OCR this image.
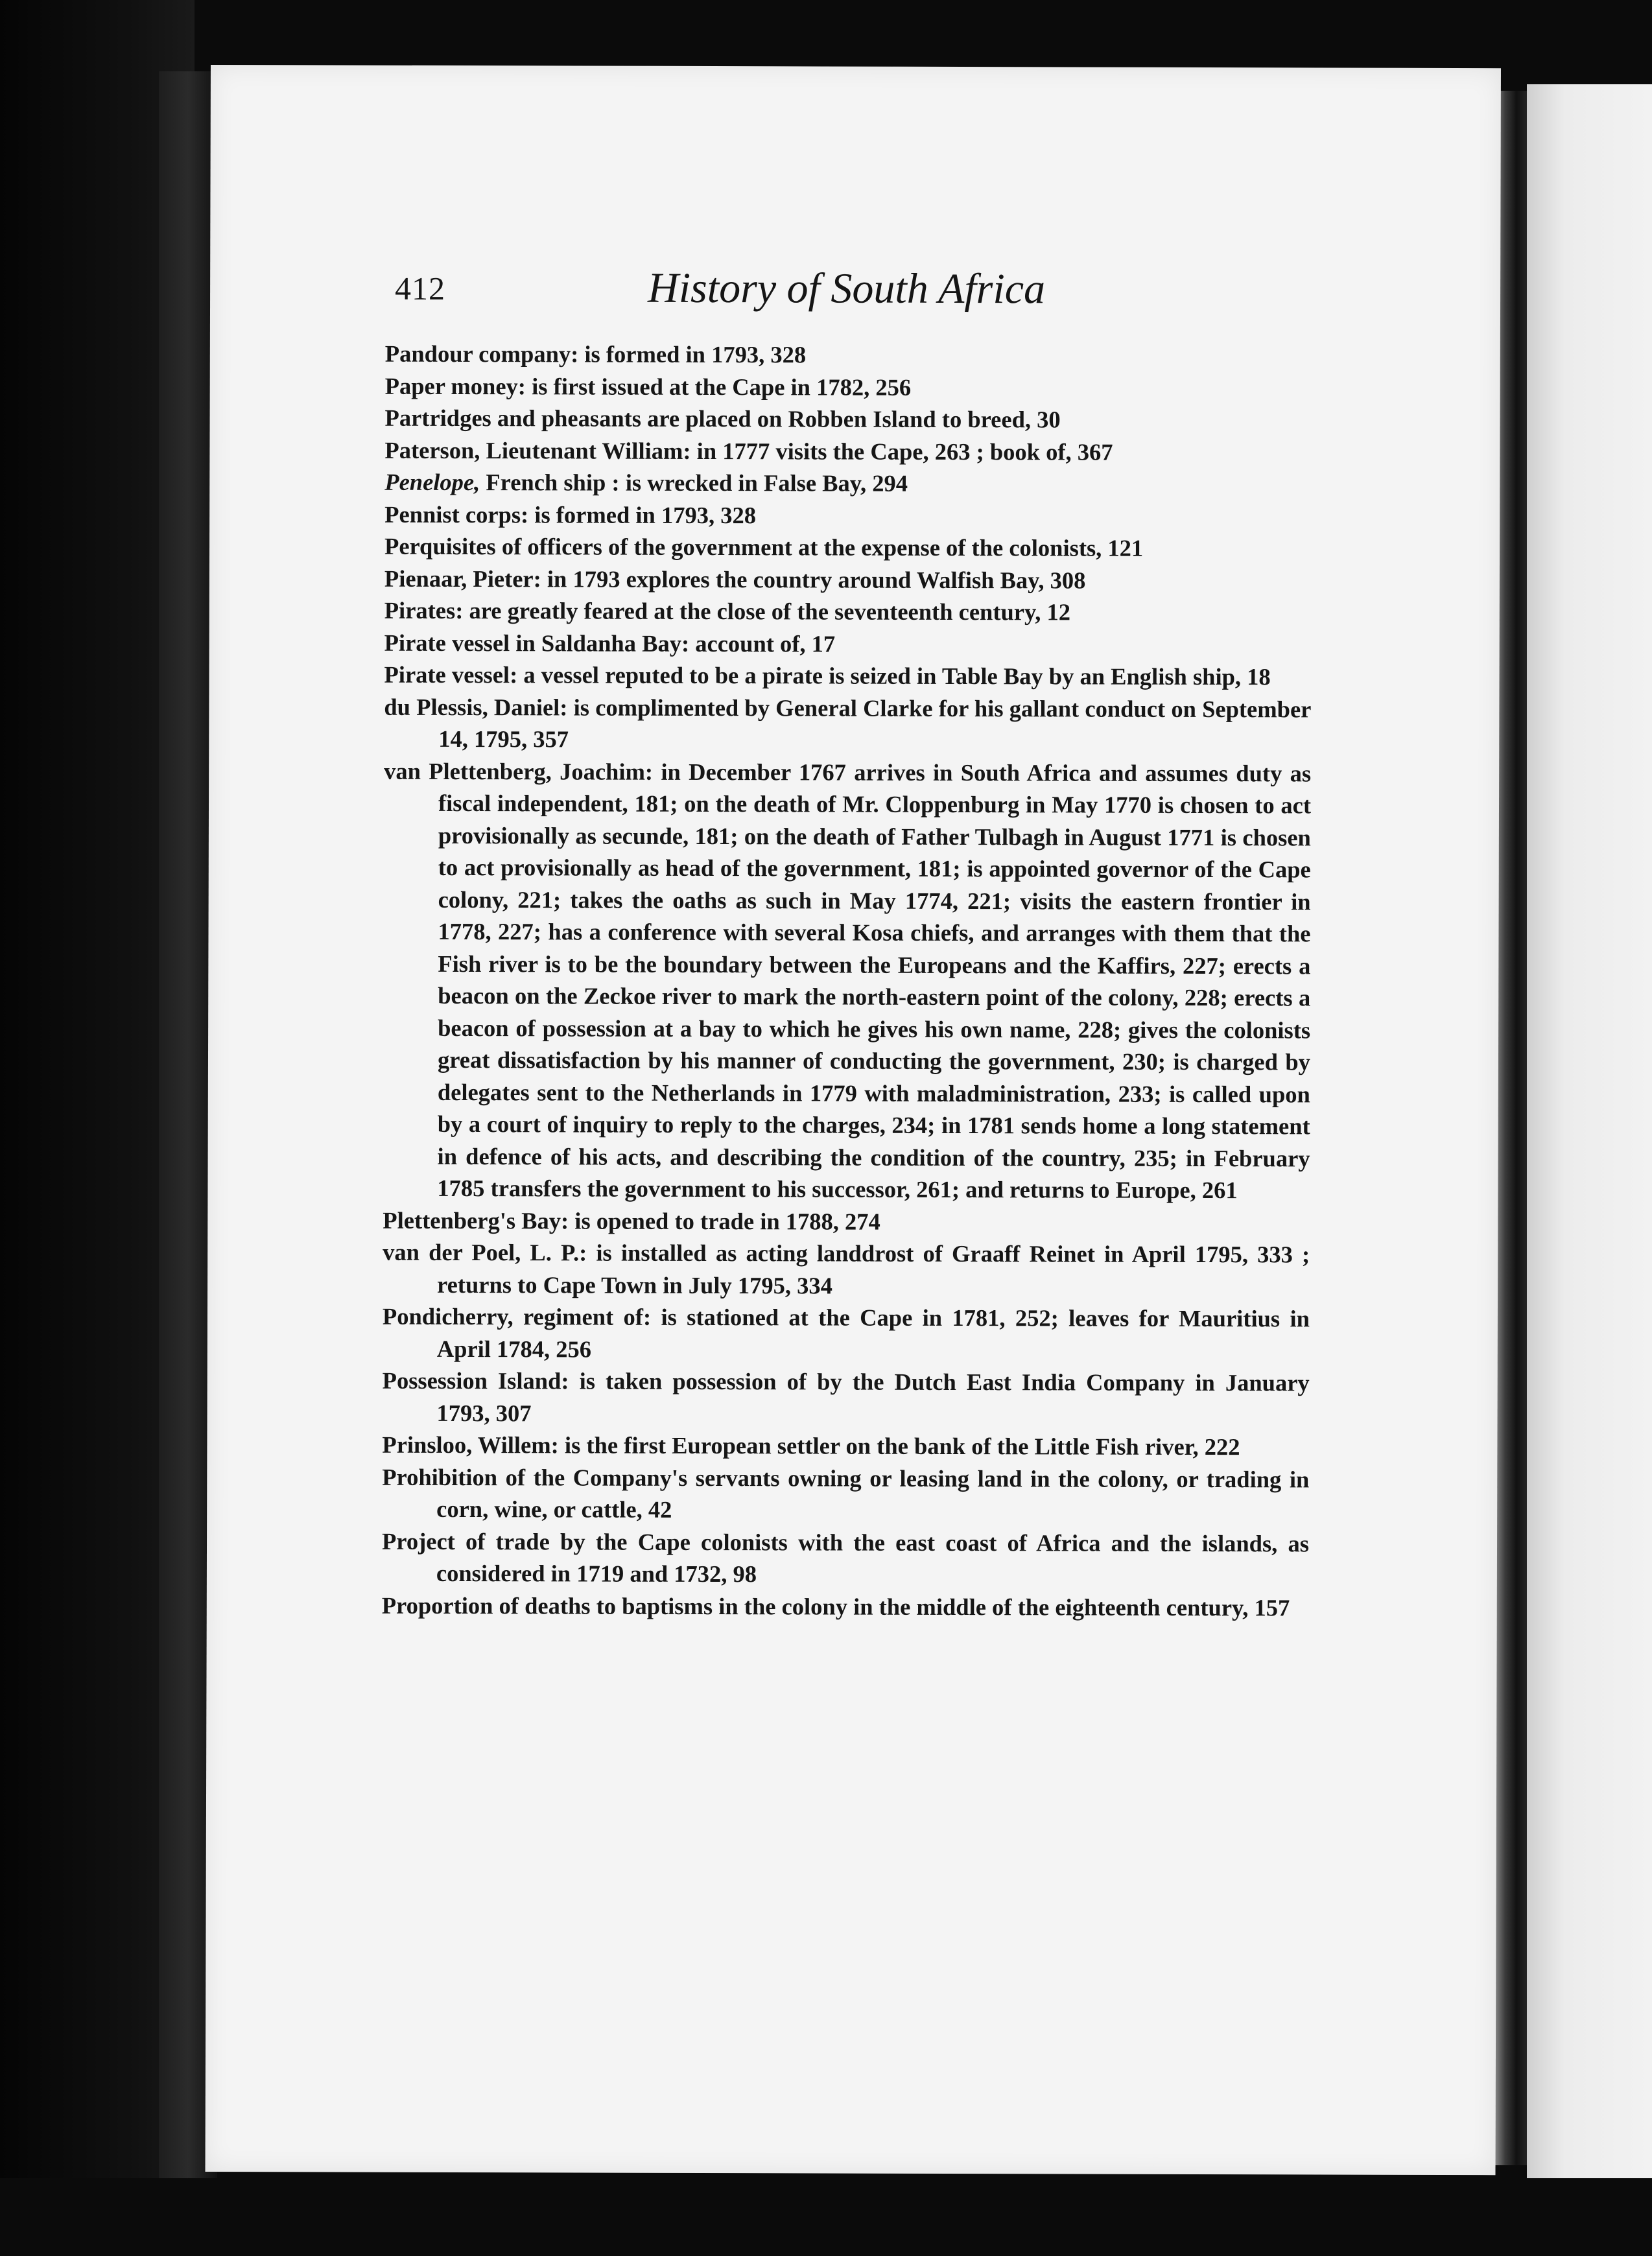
412	History of South Africa
Pandour company: is formed in 1793, 328
Paper money: is first issued at the Cape in 1782, 256
Partridges and pheasants are placed on Robben Island to breed, 30
Paterson, Lieutenant William: in 1777 visits the Cape, 263 ; book of, 367
Penelope, French ship : is wrecked in False Bay, 294
Pennist corps: is formed in 1793, 328
Perquisites of officers of the government at the expense of the colonists, 121
Pienaar, Pieter: in 1793 explores the country around Walfish Bay, 308
Pirates: are greatly feared at the close of the seventeenth century, 12
Pirate vessel in Saldanha Bay: account of, 17
Pirate vessel: a vessel reputed to be a pirate is seized in Table Bay by an English ship, 18
du Plessis, Daniel: is complimented by General Clarke for his gallant conduct on September 14, 1795, 357
van Plettenberg, Joachim: in December 1767 arrives in South Africa and assumes duty as fiscal independent, 181; on the death of Mr. Cloppenburg in May 1770 is chosen to act provisionally as secunde, 181; on the death of Father Tulbagh in August 1771 is chosen to act provisionally as head of the government, 181; is appointed governor of the Cape colony, 221; takes the oaths as such in May 1774, 221; visits the eastern frontier in 1778, 227; has a conference with several Kosa chiefs, and arranges with them that the Fish river is to be the boundary between the Europeans and the Kaffirs, 227; erects a beacon on the Zeckoe river to mark the north-eastern point of the colony, 228; erects a beacon of possession at a bay to which he gives his own name, 228; gives the colonists great dissatisfaction by his manner of conducting the government, 230; is charged by delegates sent to the Netherlands in 1779 with maladministration, 233; is called upon by a court of inquiry to reply to the charges, 234; in 1781 sends home a long statement in defence of his acts, and describing the condition of the country, 235; in February 1785 transfers the government to his successor, 261; and returns to Europe, 261
Plettenberg's Bay: is opened to trade in 1788, 274
van der Poel, L. P.: is installed as acting landdrost of Graaff Reinet in April 1795, 333 ; returns to Cape Town in July 1795, 334
Pondicherry, regiment of: is stationed at the Cape in 1781, 252; leaves for Mauritius in April 1784, 256
Possession Island: is taken possession of by the Dutch East India Company in January 1793, 307
Prinsloo, Willem: is the first European settler on the bank of the Little Fish river, 222
Prohibition of the Company's servants owning or leasing land in the colony, or trading in corn, wine, or cattle, 42
Project of trade by the Cape colonists with the east coast of Africa and the islands, as considered in 1719 and 1732, 98
Proportion of deaths to baptisms in the colony in the middle of the eighteenth century, 157
